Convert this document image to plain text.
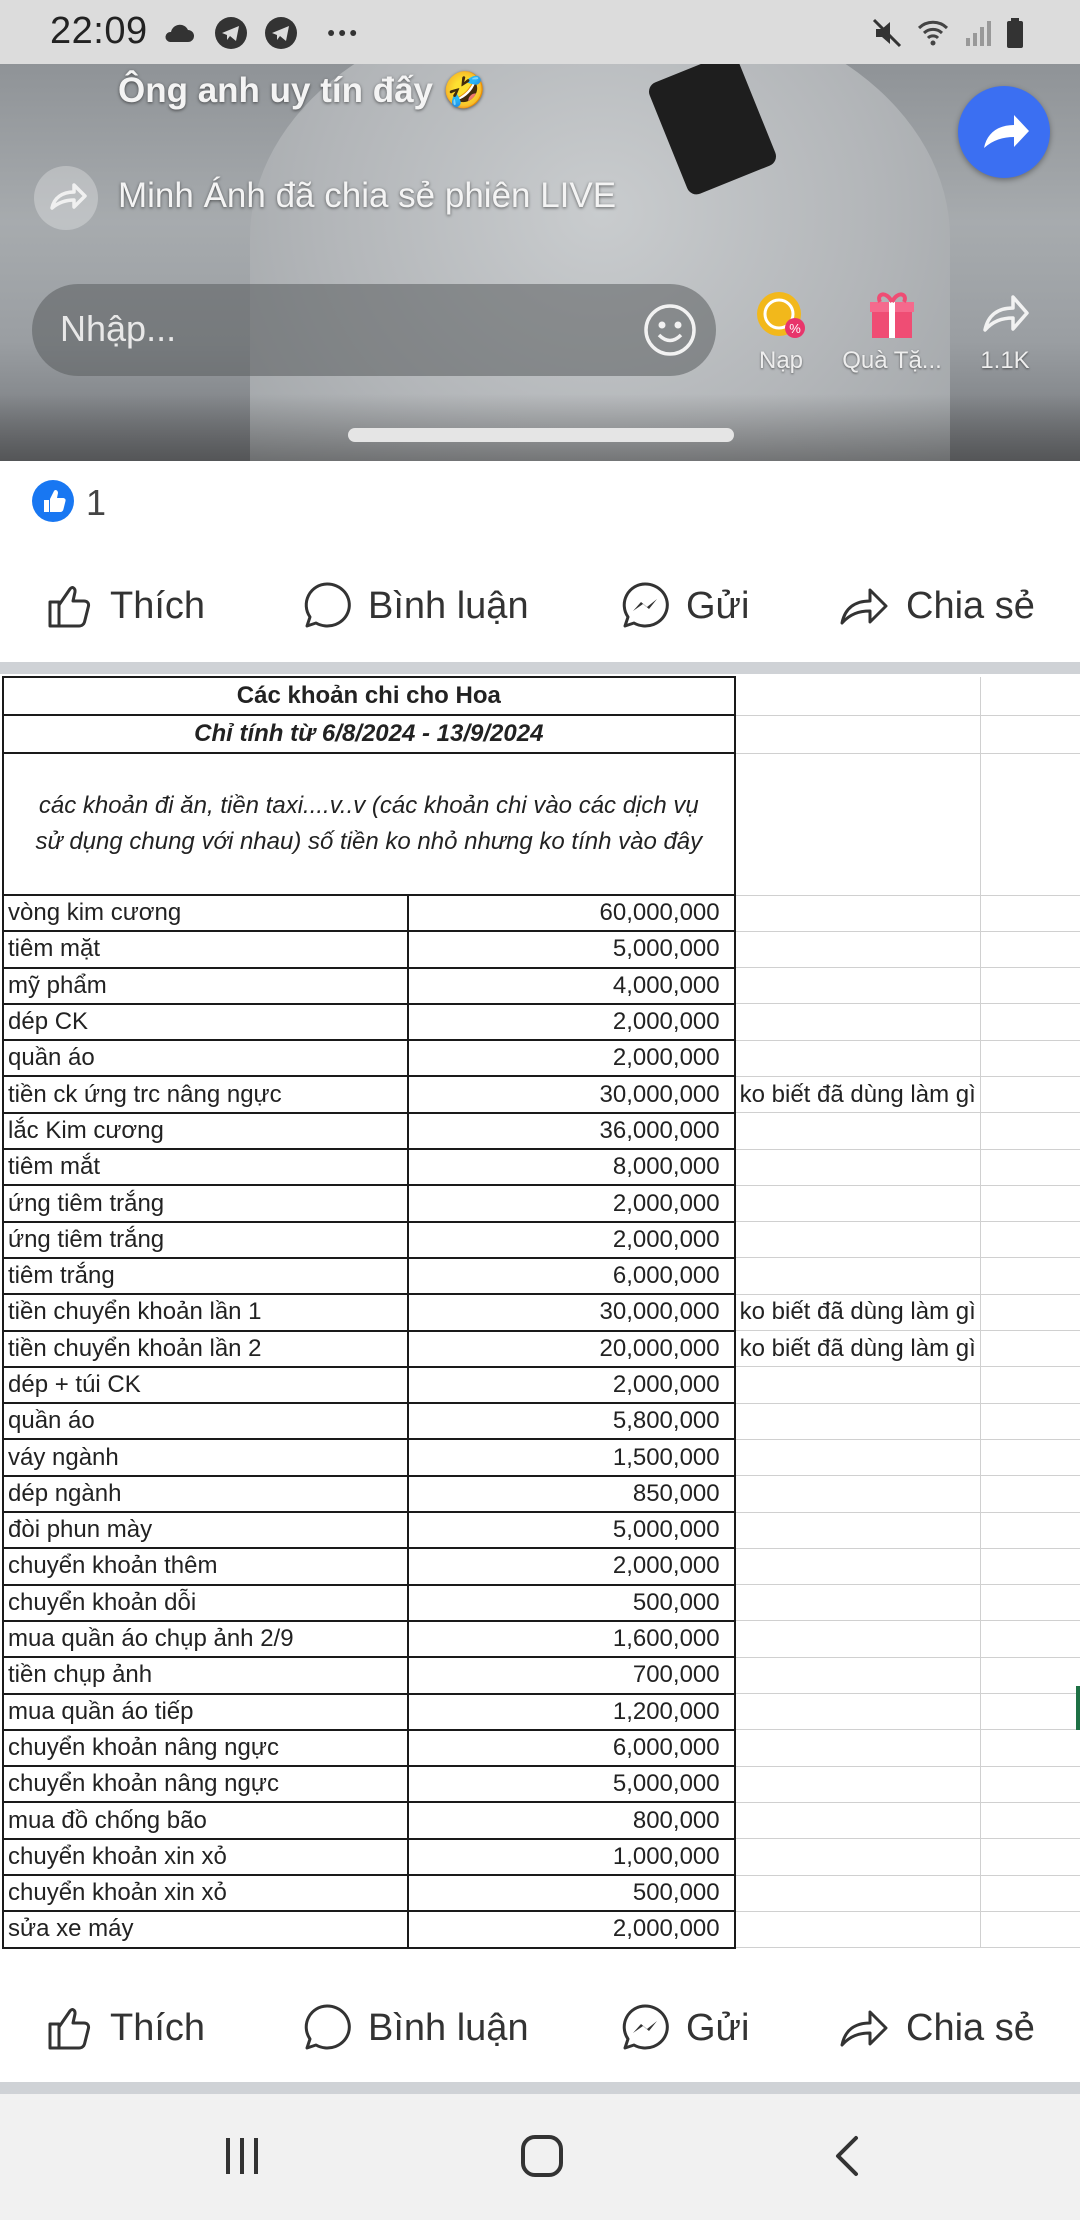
22:09
Ông anh uy tín đấy 🤣
Minh Ánh đã chia sẻ phiên LIVE
Nhập...	%
Nạp	Quà Tặ...	1.1K
1
Thích	Bình luận	Gửi	Chia sẻ
Các khoản chi cho Hoa			
Chỉ tính từ 6/8/2024 - 13/9/2024			
các khoản đi ăn, tiền taxi....v..v (các khoản chi vào các dịch vụ sử dụng chung với nhau) số tiền ko nhỏ nhưng ko tính vào đây			
vòng kim cương	60,000,000		
tiêm mặt	5,000,000		
mỹ phẩm	4,000,000		
dép CK	2,000,000		
quần áo	2,000,000		
tiền ck ứng trc nâng ngực	30,000,000	ko biết đã dùng làm gì	
lắc Kim cương	36,000,000		
tiêm mắt	8,000,000		
ứng tiêm trắng	2,000,000		
ứng tiêm trắng	2,000,000		
tiêm trắng	6,000,000		
tiền chuyển khoản lần 1	30,000,000	ko biết đã dùng làm gì	
tiền chuyển khoản lần 2	20,000,000	ko biết đã dùng làm gì	
dép + túi CK	2,000,000		
quần áo	5,800,000		
váy ngành	1,500,000		
dép ngành	850,000		
đòi phun mày	5,000,000		
chuyển khoản thêm	2,000,000		
chuyển khoản dỗi	500,000		
mua quần áo chụp ảnh 2/9	1,600,000		
tiền chụp ảnh	700,000		
mua quần áo tiếp	1,200,000		
chuyển khoản nâng ngực	6,000,000		
chuyển khoản nâng ngực	5,000,000		
mua đồ chống bão	800,000		
chuyển khoản xin xỏ	1,000,000		
chuyển khoản xin xỏ	500,000		
sửa xe máy	2,000,000		
Thích	Bình luận	Gửi	Chia sẻ
